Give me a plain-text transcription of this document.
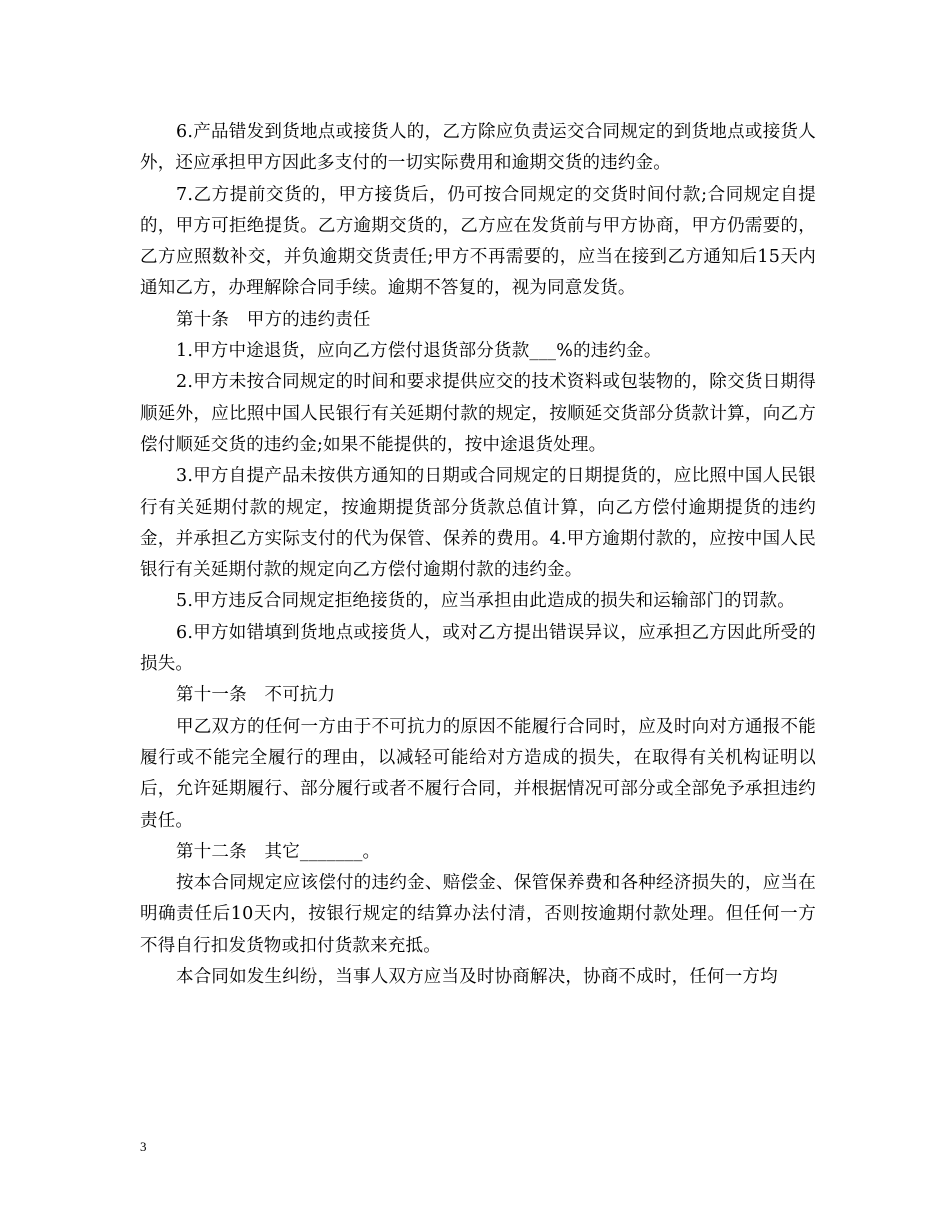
6.产品错发到货地点或接货人的，乙方除应负责运交合同规定的到货地点或接货人外，还应承担甲方因此多支付的一切实际费用和逾期交货的违约金。

7.乙方提前交货的，甲方接货后，仍可按合同规定的交货时间付款;合同规定自提的，甲方可拒绝提货。乙方逾期交货的，乙方应在发货前与甲方协商，甲方仍需要的，乙方应照数补交，并负逾期交货责任;甲方不再需要的，应当在接到乙方通知后15天内通知乙方，办理解除合同手续。逾期不答复的，视为同意发货。

第十条　甲方的违约责任

1.甲方中途退货，应向乙方偿付退货部分货款___%的违约金。

2.甲方未按合同规定的时间和要求提供应交的技术资料或包装物的，除交货日期得顺延外，应比照中国人民银行有关延期付款的规定，按顺延交货部分货款计算，向乙方偿付顺延交货的违约金;如果不能提供的，按中途退货处理。

3.甲方自提产品未按供方通知的日期或合同规定的日期提货的，应比照中国人民银行有关延期付款的规定，按逾期提货部分货款总值计算，向乙方偿付逾期提货的违约金，并承担乙方实际支付的代为保管、保养的费用。4.甲方逾期付款的，应按中国人民银行有关延期付款的规定向乙方偿付逾期付款的违约金。

5.甲方违反合同规定拒绝接货的，应当承担由此造成的损失和运输部门的罚款。

6.甲方如错填到货地点或接货人，或对乙方提出错误异议，应承担乙方因此所受的损失。

第十一条　不可抗力

甲乙双方的任何一方由于不可抗力的原因不能履行合同时，应及时向对方通报不能履行或不能完全履行的理由，以减轻可能给对方造成的损失，在取得有关机构证明以后，允许延期履行、部分履行或者不履行合同，并根据情况可部分或全部免予承担违约责任。

第十二条　其它_______。

按本合同规定应该偿付的违约金、赔偿金、保管保养费和各种经济损失的，应当在明确责任后10天内，按银行规定的结算办法付清，否则按逾期付款处理。但任何一方不得自行扣发货物或扣付货款来充抵。

本合同如发生纠纷，当事人双方应当及时协商解决，协商不成时，任何一方均

3
